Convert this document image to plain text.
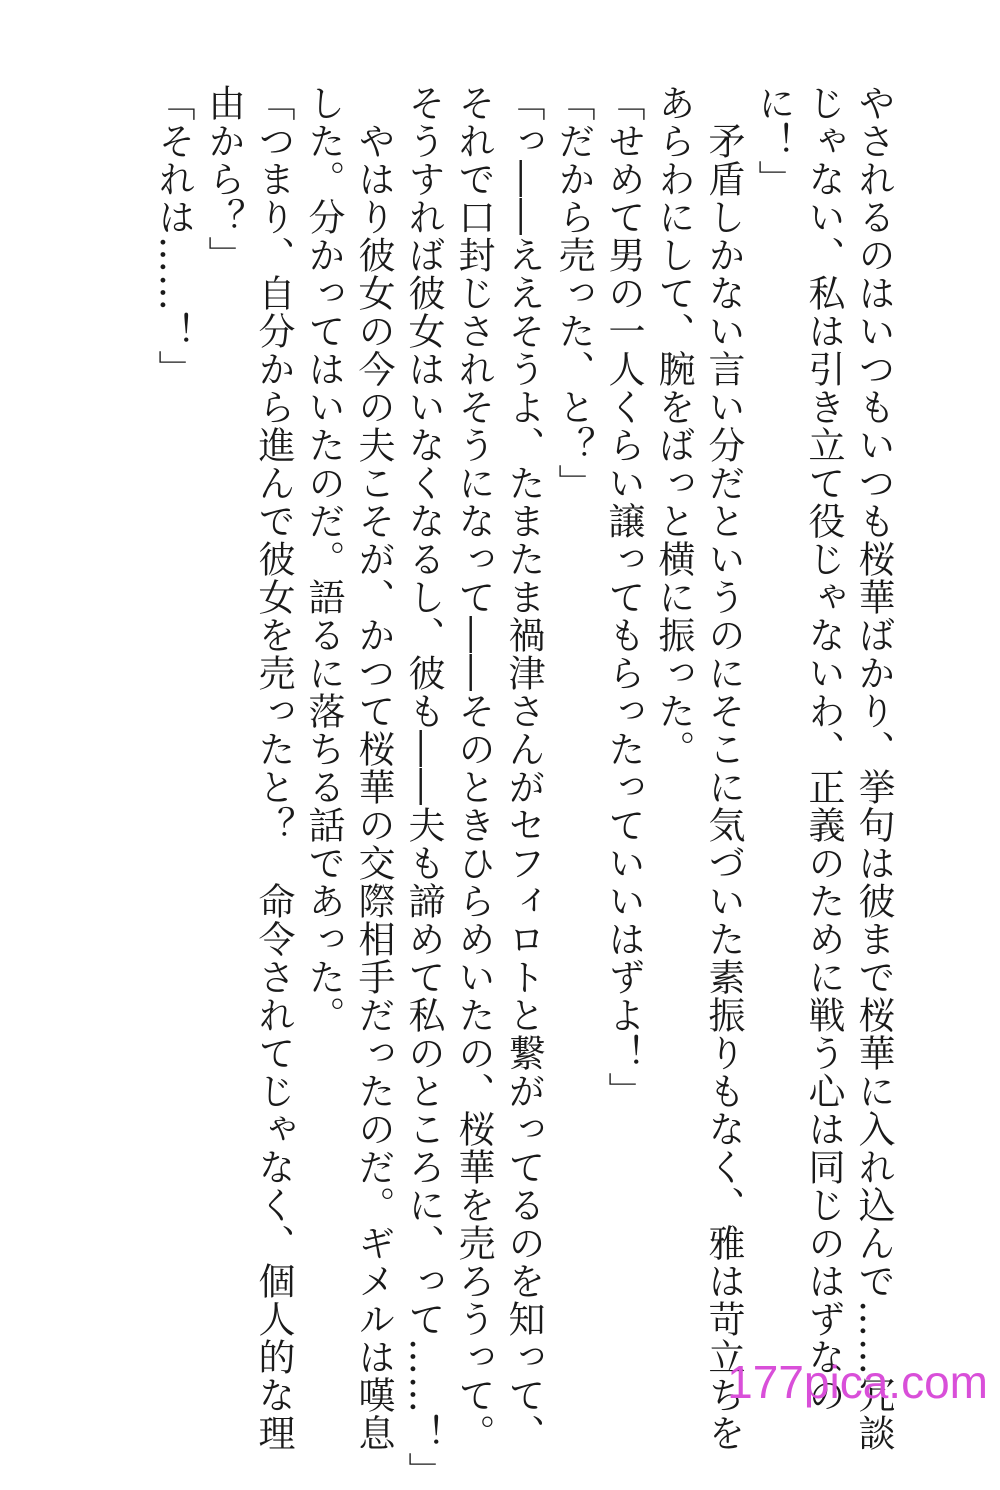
やされるのはいつもいつも桜華ばかり、挙句は彼まで桜華に入れ込んで……冗談

じゃない、私は引き立て役じゃないわ、正義のために戦う心は同じのはずなの

に！」

　矛盾しかない言い分だというのにそこに気づいた素振りもなく、雅は苛立ちを

あらわにして、腕をばっと横に振った。

「せめて男の一人くらい譲ってもらったっていいはずよ！」

「だから売った、と？」

「っ――ええそうよ、たまたま禍津さんがセフィロトと繋がってるのを知って、

それで口封じされそうになって――そのときひらめいたの、桜華を売ろうって。

そうすれば彼女はいなくなるし、彼も――夫も諦めて私のところに、って……！」

　やはり彼女の今の夫こそが、かつて桜華の交際相手だったのだ。ギメルは嘆息

した。分かってはいたのだ。語るに落ちる話であった。

「つまり、自分から進んで彼女を売ったと？　命令されてじゃなく、個人的な理

由から？」

「それは……！」

177pica.com
